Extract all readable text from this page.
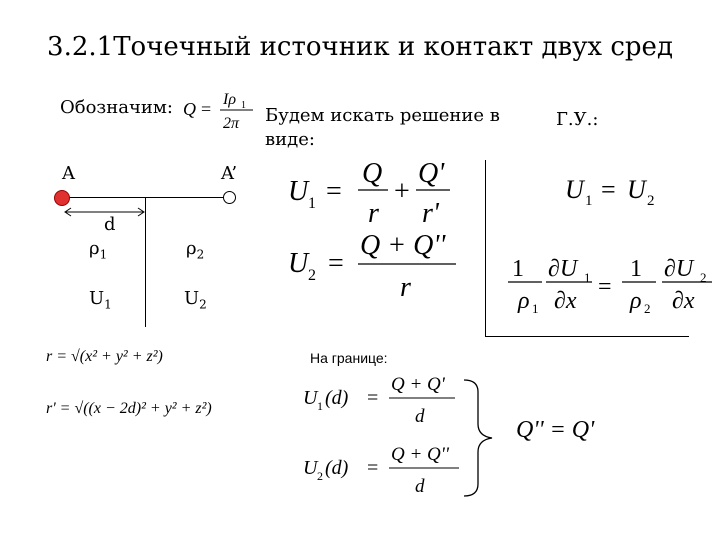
3.2.1Точечный источник и контакт двух сред
Обозначим: Q = Iρ 1
2π Будем искать решение в виде:
Г.У.:
A	A’
d
$\rho_1$	$\rho_2$
$U_1$	$U_2$
U 1 =
Q
r
+
Q'
r'
U 2 =
Q + Q''
r
U 1 = U 2
1
ρ 1
∂U 1
∂x
=
1
ρ 2
∂U 2
∂x
r = √(x² + y² + z²)
r' = √((x − 2d)² + y² + z²)
На границе:
U 1 (d) =
Q + Q'
d
U 2 (d) =
Q + Q''
d
Q'' = Q'
